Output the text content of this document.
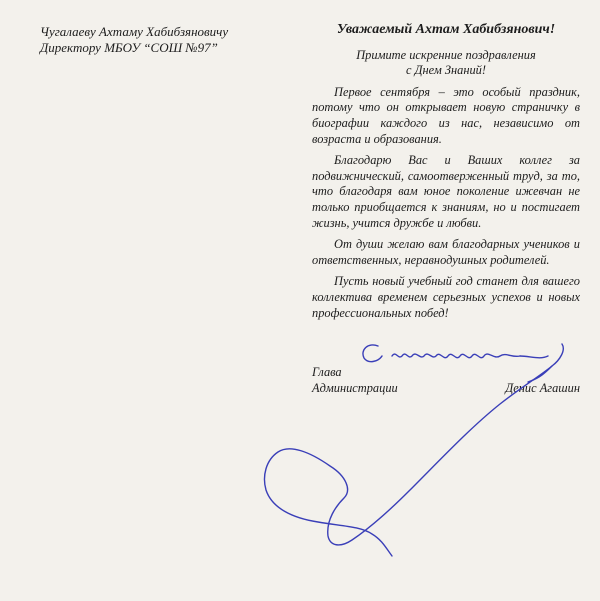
Чугалаеву Ахтаму Хабибзяновичу
Директору МБОУ “СОШ №97”

Уважаемый Ахтам Хабибзянович!

Примите искренние поздравления
с Днем Знаний!

Первое сентября – это особый праздник, потому что он открывает новую страничку в биографии каждого из нас, независимо от возраста и образования.

Благодарю Вас и Ваших коллег за подвижнический, самоотверженный труд, за то, что благодаря вам юное поколение ижевчан не только приобщается к знаниям, но и постигает жизнь, учится дружбе и любви.

От души желаю вам благодарных учеников и ответственных, неравнодушных родителей.

Пусть новый учебный год станет для вашего коллектива временем серьезных успехов и новых профессиональных побед!

Глава
Администрации	Денис Агашин
